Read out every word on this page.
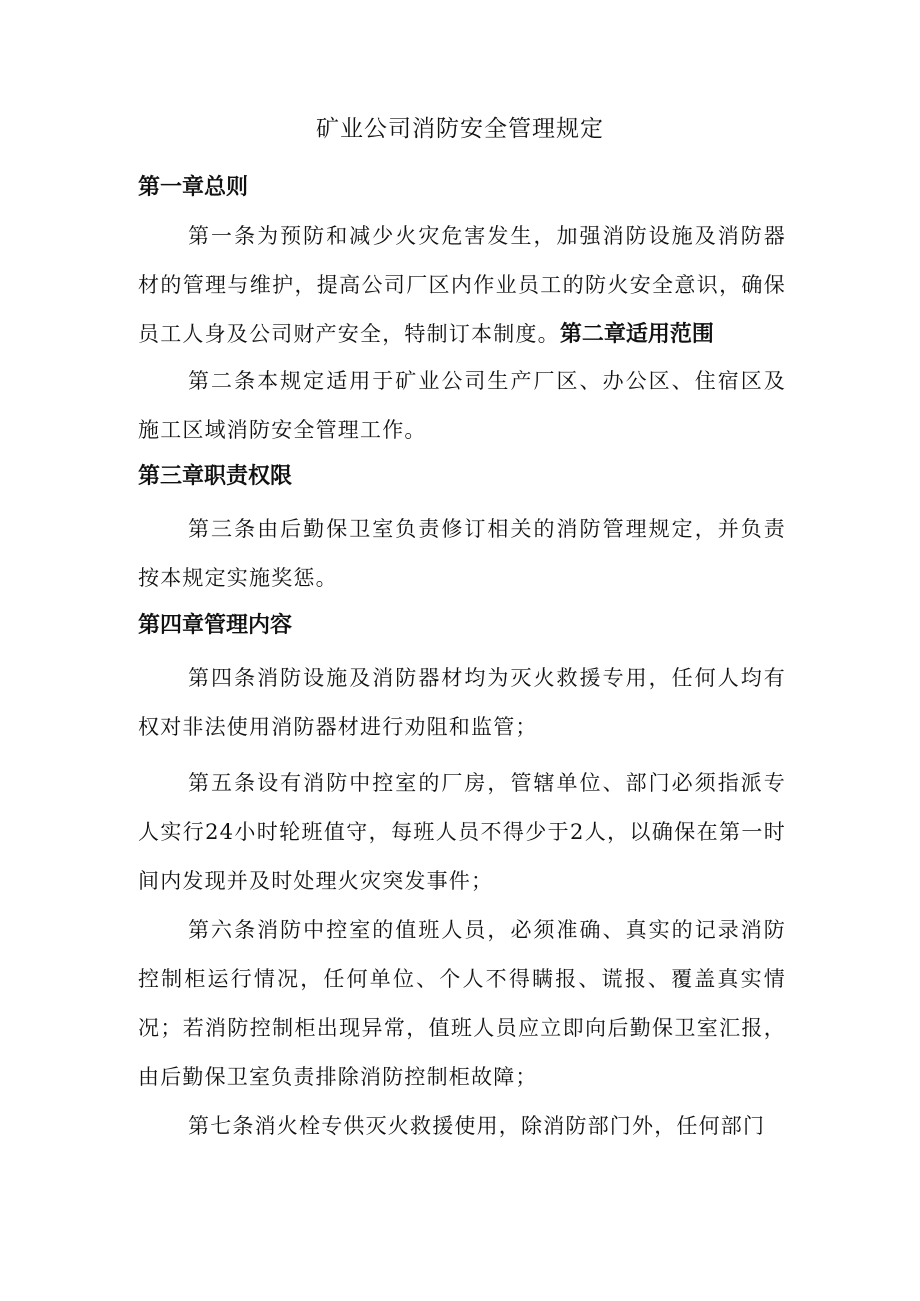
矿业公司消防安全管理规定
第一章总则

第一条为预防和减少火灾危害发生，加强消防设施及消防器材的管理与维护，提高公司厂区内作业员工的防火安全意识，确保员工人身及公司财产安全，特制订本制度。第二章适用范围

第二条本规定适用于矿业公司生产厂区、办公区、住宿区及施工区域消防安全管理工作。

第三章职责权限

第三条由后勤保卫室负责修订相关的消防管理规定，并负责按本规定实施奖惩。

第四章管理内容

第四条消防设施及消防器材均为灭火救援专用，任何人均有权对非法使用消防器材进行劝阻和监管；

第五条设有消防中控室的厂房，管辖单位、部门必须指派专人实行24小时轮班值守，每班人员不得少于2人，以确保在第一时间内发现并及时处理火灾突发事件；

第六条消防中控室的值班人员，必须准确、真实的记录消防控制柜运行情况，任何单位、个人不得瞒报、谎报、覆盖真实情况；若消防控制柜出现异常，值班人员应立即向后勤保卫室汇报，由后勤保卫室负责排除消防控制柜故障；

第七条消火栓专供灭火救援使用，除消防部门外，任何部门
